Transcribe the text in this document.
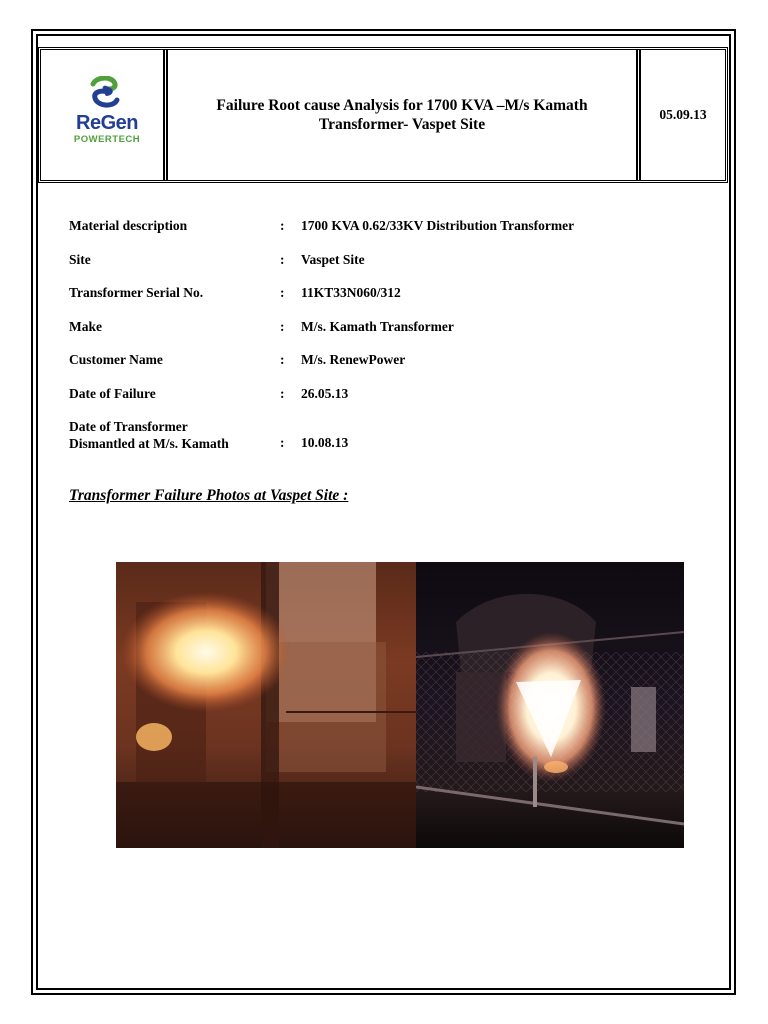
ReGen
POWERTECH
Failure Root cause Analysis for 1700 KVA –M/s Kamath Transformer- Vaspet Site
05.09.13
Material description	: 1700 KVA 0.62/33KV Distribution Transformer
Site	: Vaspet Site
Transformer Serial No.	: 11KT33N060/312
Make	: M/s. Kamath Transformer
Customer Name	: M/s. RenewPower
Date of Failure	: 26.05.13
Date of Transformer
Dismantled at M/s. Kamath	: 10.08.13
Transformer Failure Photos at Vaspet Site :
